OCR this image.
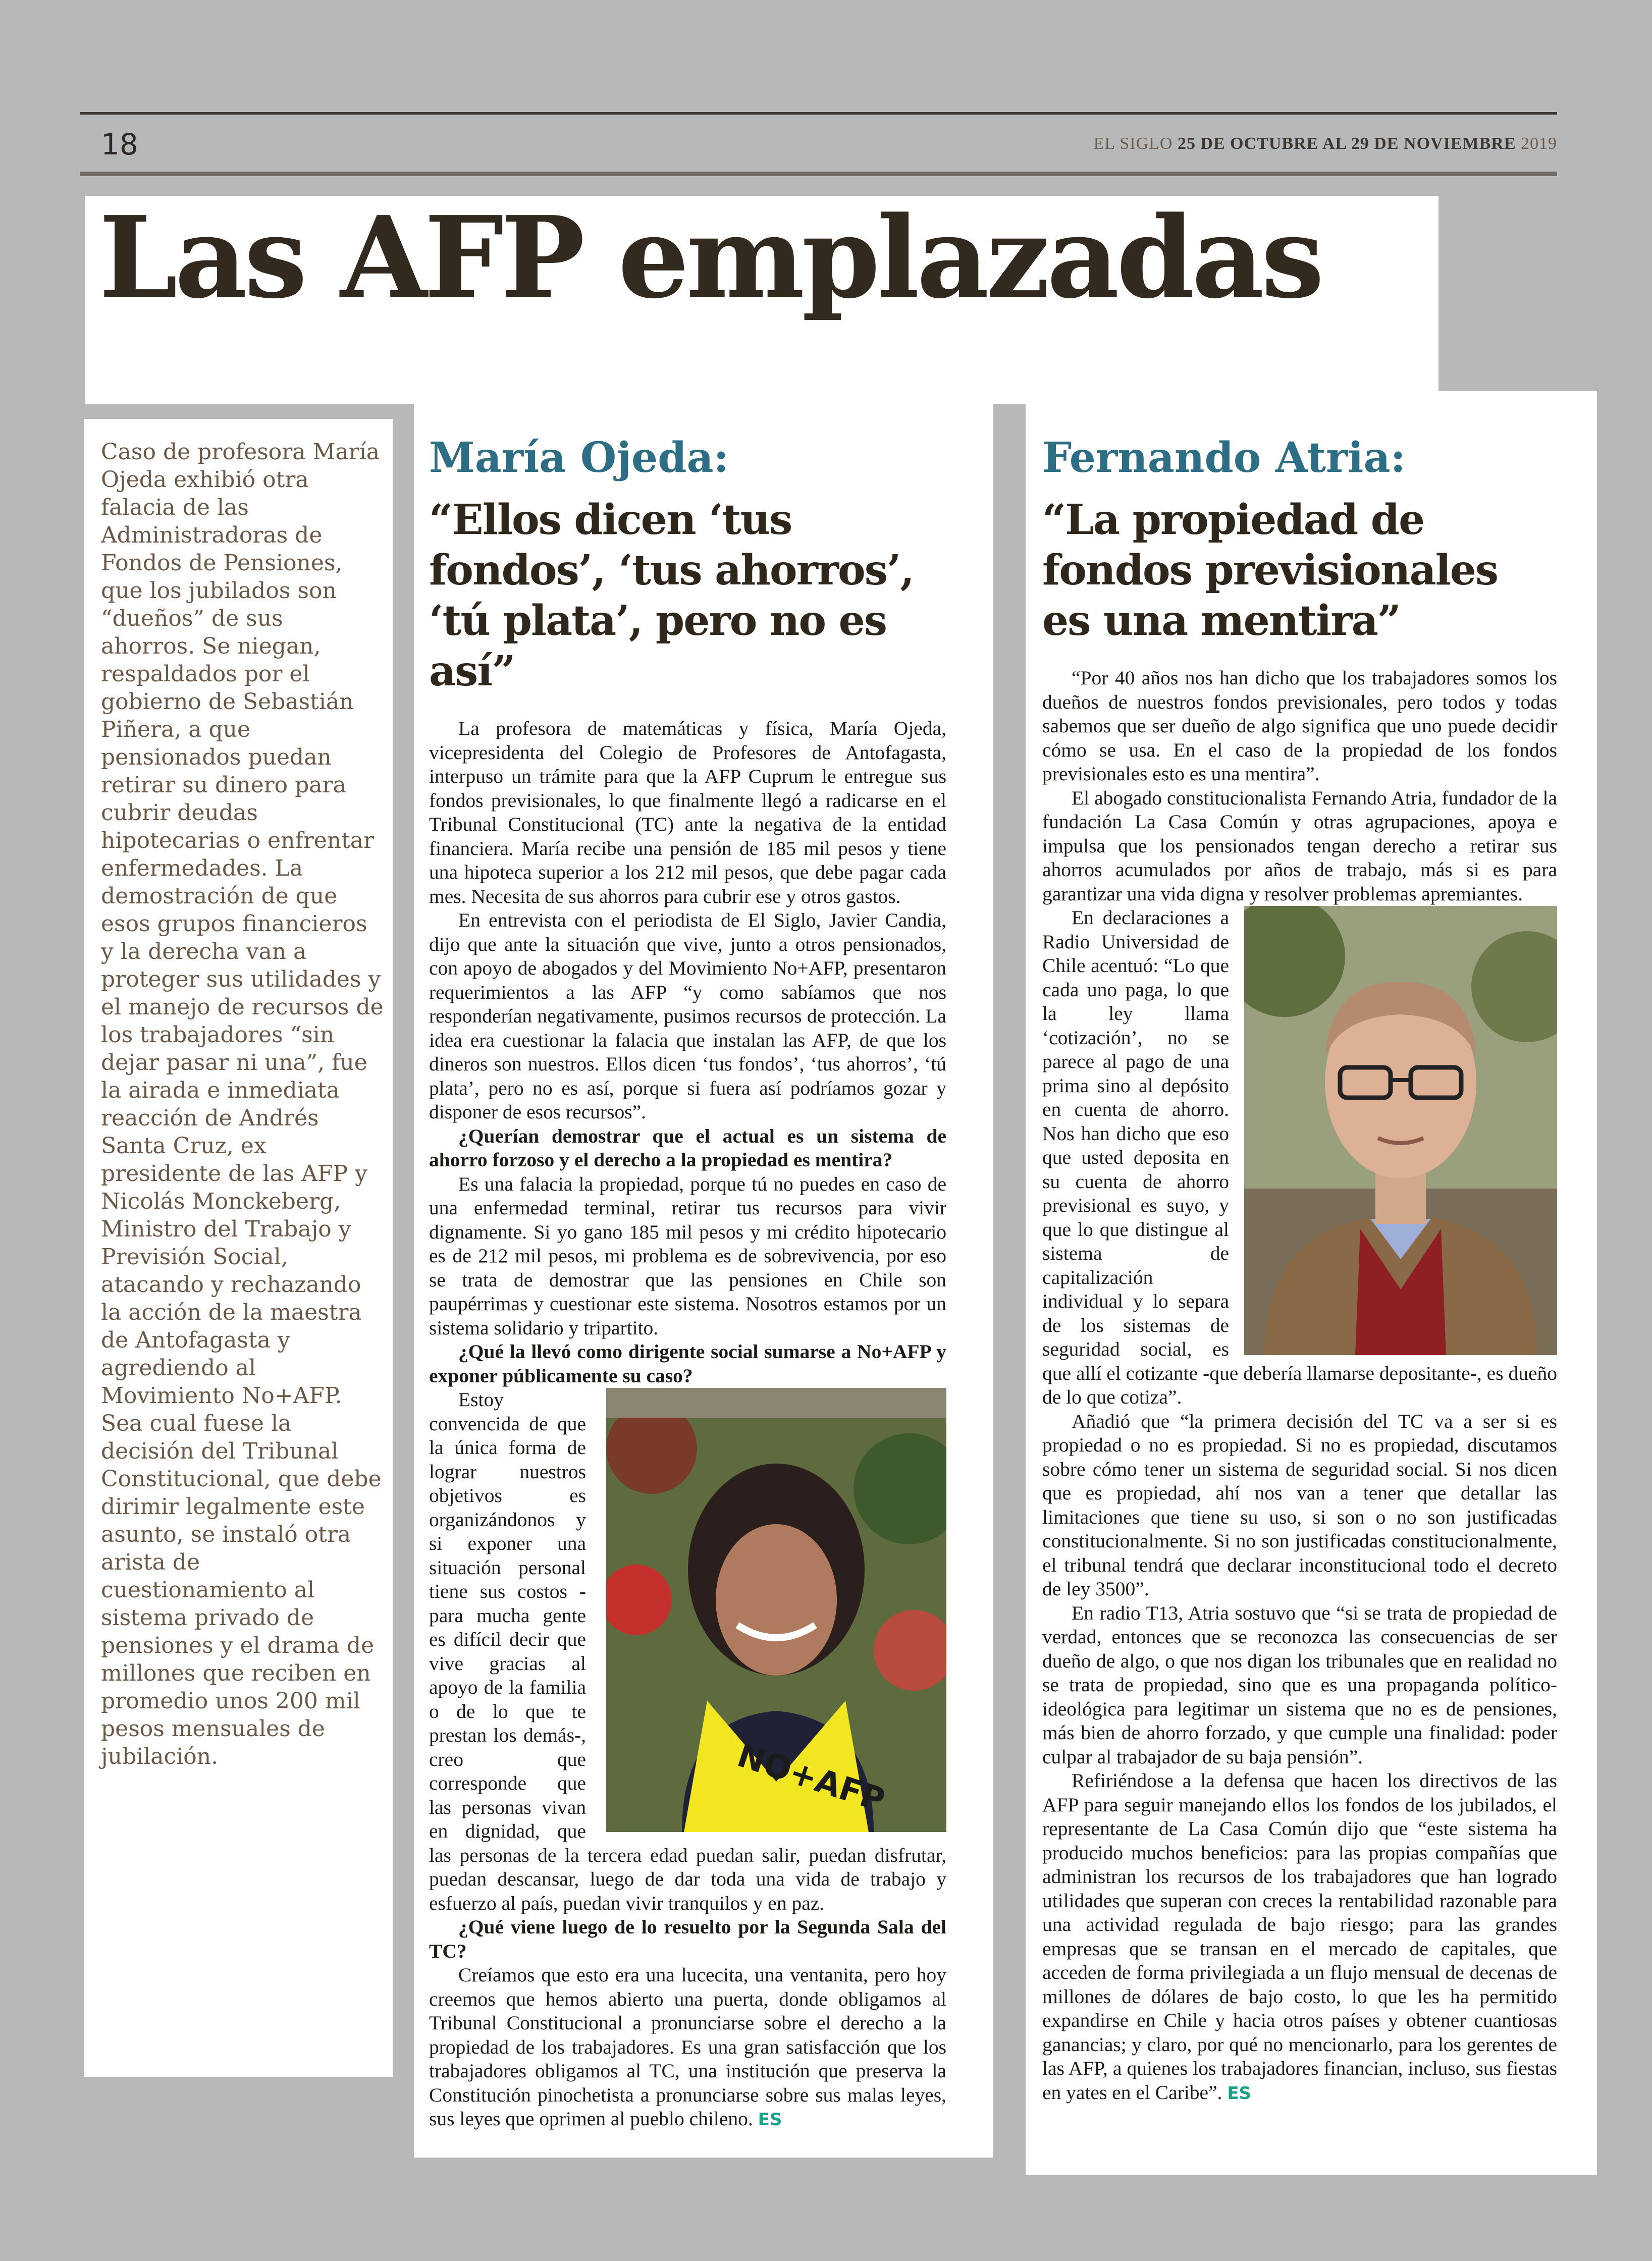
18	EL SIGLO 25 DE OCTUBRE AL 29 DE NOVIEMBRE 2019
Las AFP emplazadas

Caso de profesora María Ojeda exhibió otra falacia de las Administradoras de Fondos de Pensiones, que los jubilados son “dueños” de sus ahorros. Se niegan, respaldados por el gobierno de Sebastián Piñera, a que pensionados puedan retirar su dinero para cubrir deudas hipotecarias o enfrentar enfermedades. La demostración de que esos grupos financieros y la derecha van a proteger sus utilidades y el manejo de recursos de los trabajadores “sin dejar pasar ni una”, fue la airada e inmediata reacción de Andrés Santa Cruz, ex presidente de las AFP y Nicolás Monckeberg, Ministro del Trabajo y Previsión Social, atacando y rechazando la acción de la maestra de Antofagasta y agrediendo al Movimiento No+AFP. Sea cual fuese la decisión del Tribunal Constitucional, que debe dirimir legalmente este asunto, se instaló otra arista de cuestionamiento al sistema privado de pensiones y el drama de millones que reciben en promedio unos 200 mil pesos mensuales de jubilación.

María Ojeda:
“Ellos dicen ‘tus fondos’, ‘tus ahorros’, ‘tú plata’, pero no es así”

La profesora de matemáticas y física, María Ojeda, vicepresidenta del Colegio de Profesores de Antofagasta, interpuso un trámite para que la AFP Cuprum le entregue sus fondos previsionales, lo que finalmente llegó a radicarse en el Tribunal Constitucional (TC) ante la negativa de la entidad financiera. María recibe una pensión de 185 mil pesos y tiene una hipoteca superior a los 212 mil pesos, que debe pagar cada mes. Necesita de sus ahorros para cubrir ese y otros gastos.

En entrevista con el periodista de El Siglo, Javier Candia, dijo que ante la situación que vive, junto a otros pensionados, con apoyo de abogados y del Movimiento No+AFP, presentaron requerimientos a las AFP “y como sabíamos que nos responderían negativamente, pusimos recursos de protección. La idea era cuestionar la falacia que instalan las AFP, de que los dineros son nuestros. Ellos dicen ‘tus fondos’, ‘tus ahorros’, ‘tú plata’, pero no es así, porque si fuera así podríamos gozar y disponer de esos recursos”.

¿Querían demostrar que el actual es un sistema de ahorro forzoso y el derecho a la propiedad es mentira?

Es una falacia la propiedad, porque tú no puedes en caso de una enfermedad terminal, retirar tus recursos para vivir dignamente. Si yo gano 185 mil pesos y mi crédito hipotecario es de 212 mil pesos, mi problema es de sobrevivencia, por eso se trata de demostrar que las pensiones en Chile son paupérrimas y cuestionar este sistema. Nosotros estamos por un sistema solidario y tripartito.

¿Qué la llevó como dirigente social sumarse a No+AFP y exponer públicamente su caso?

NO+AFP

Estoy convencida de que la única forma de lograr nuestros objetivos es organizándonos y si exponer una situación personal tiene sus costos -para mucha gente es difícil decir que vive gracias al apoyo de la familia o de lo que te prestan los demás-, creo que corresponde que las personas vivan en dignidad, que las personas de la tercera edad puedan salir, puedan disfrutar, puedan descansar, luego de dar toda una vida de trabajo y esfuerzo al país, puedan vivir tranquilos y en paz.

¿Qué viene luego de lo resuelto por la Segunda Sala del TC?

Creíamos que esto era una lucecita, una ventanita, pero hoy creemos que hemos abierto una puerta, donde obligamos al Tribunal Constitucional a pronunciarse sobre el derecho a la propiedad de los trabajadores. Es una gran satisfacción que los trabajadores obligamos al TC, una institución que preserva la Constitución pinochetista a pronunciarse sobre sus malas leyes, sus leyes que oprimen al pueblo chileno. ES

Fernando Atria:
“La propiedad de fondos previsionales es una mentira”

“Por 40 años nos han dicho que los trabajadores somos los dueños de nuestros fondos previsionales, pero todos y todas sabemos que ser dueño de algo significa que uno puede decidir cómo se usa. En el caso de la propiedad de los fondos previsionales esto es una mentira”.

El abogado constitucionalista Fernando Atria, fundador de la fundación La Casa Común y otras agrupaciones, apoya e impulsa que los pensionados tengan derecho a retirar sus ahorros acumulados por años de trabajo, más si es para garantizar una vida digna y resolver problemas apremiantes.

En declaraciones a Radio Universidad de Chile acentuó: “Lo que cada uno paga, lo que la ley llama ‘cotización’, no se parece al pago de una prima sino al depósito en cuenta de ahorro. Nos han dicho que eso que usted deposita en su cuenta de ahorro previsional es suyo, y que lo que distingue al sistema de capitalización individual y lo separa de los sistemas de seguridad social, es que allí el cotizante -que debería llamarse depositante-, es dueño de lo que cotiza”.

Añadió que “la primera decisión del TC va a ser si es propiedad o no es propiedad. Si no es propiedad, discutamos sobre cómo tener un sistema de seguridad social. Si nos dicen que es propiedad, ahí nos van a tener que detallar las limitaciones que tiene su uso, si son o no son justificadas constitucionalmente. Si no son justificadas constitucionalmente, el tribunal tendrá que declarar inconstitucional todo el decreto de ley 3500”.

En radio T13, Atria sostuvo que “si se trata de propiedad de verdad, entonces que se reconozca las consecuencias de ser dueño de algo, o que nos digan los tribunales que en realidad no se trata de propiedad, sino que es una propaganda político-ideológica para legitimar un sistema que no es de pensiones, más bien de ahorro forzado, y que cumple una finalidad: poder culpar al trabajador de su baja pensión”.

Refiriéndose a la defensa que hacen los directivos de las AFP para seguir manejando ellos los fondos de los jubilados, el representante de La Casa Común dijo que “este sistema ha producido muchos beneficios: para las propias compañías que administran los recursos de los trabajadores que han logrado utilidades que superan con creces la rentabilidad razonable para una actividad regulada de bajo riesgo; para las grandes empresas que se transan en el mercado de capitales, que acceden de forma privilegiada a un flujo mensual de decenas de millones de dólares de bajo costo, lo que les ha permitido expandirse en Chile y hacia otros países y obtener cuantiosas ganancias; y claro, por qué no mencionarlo, para los gerentes de las AFP, a quienes los trabajadores financian, incluso, sus fiestas en yates en el Caribe”. ES
